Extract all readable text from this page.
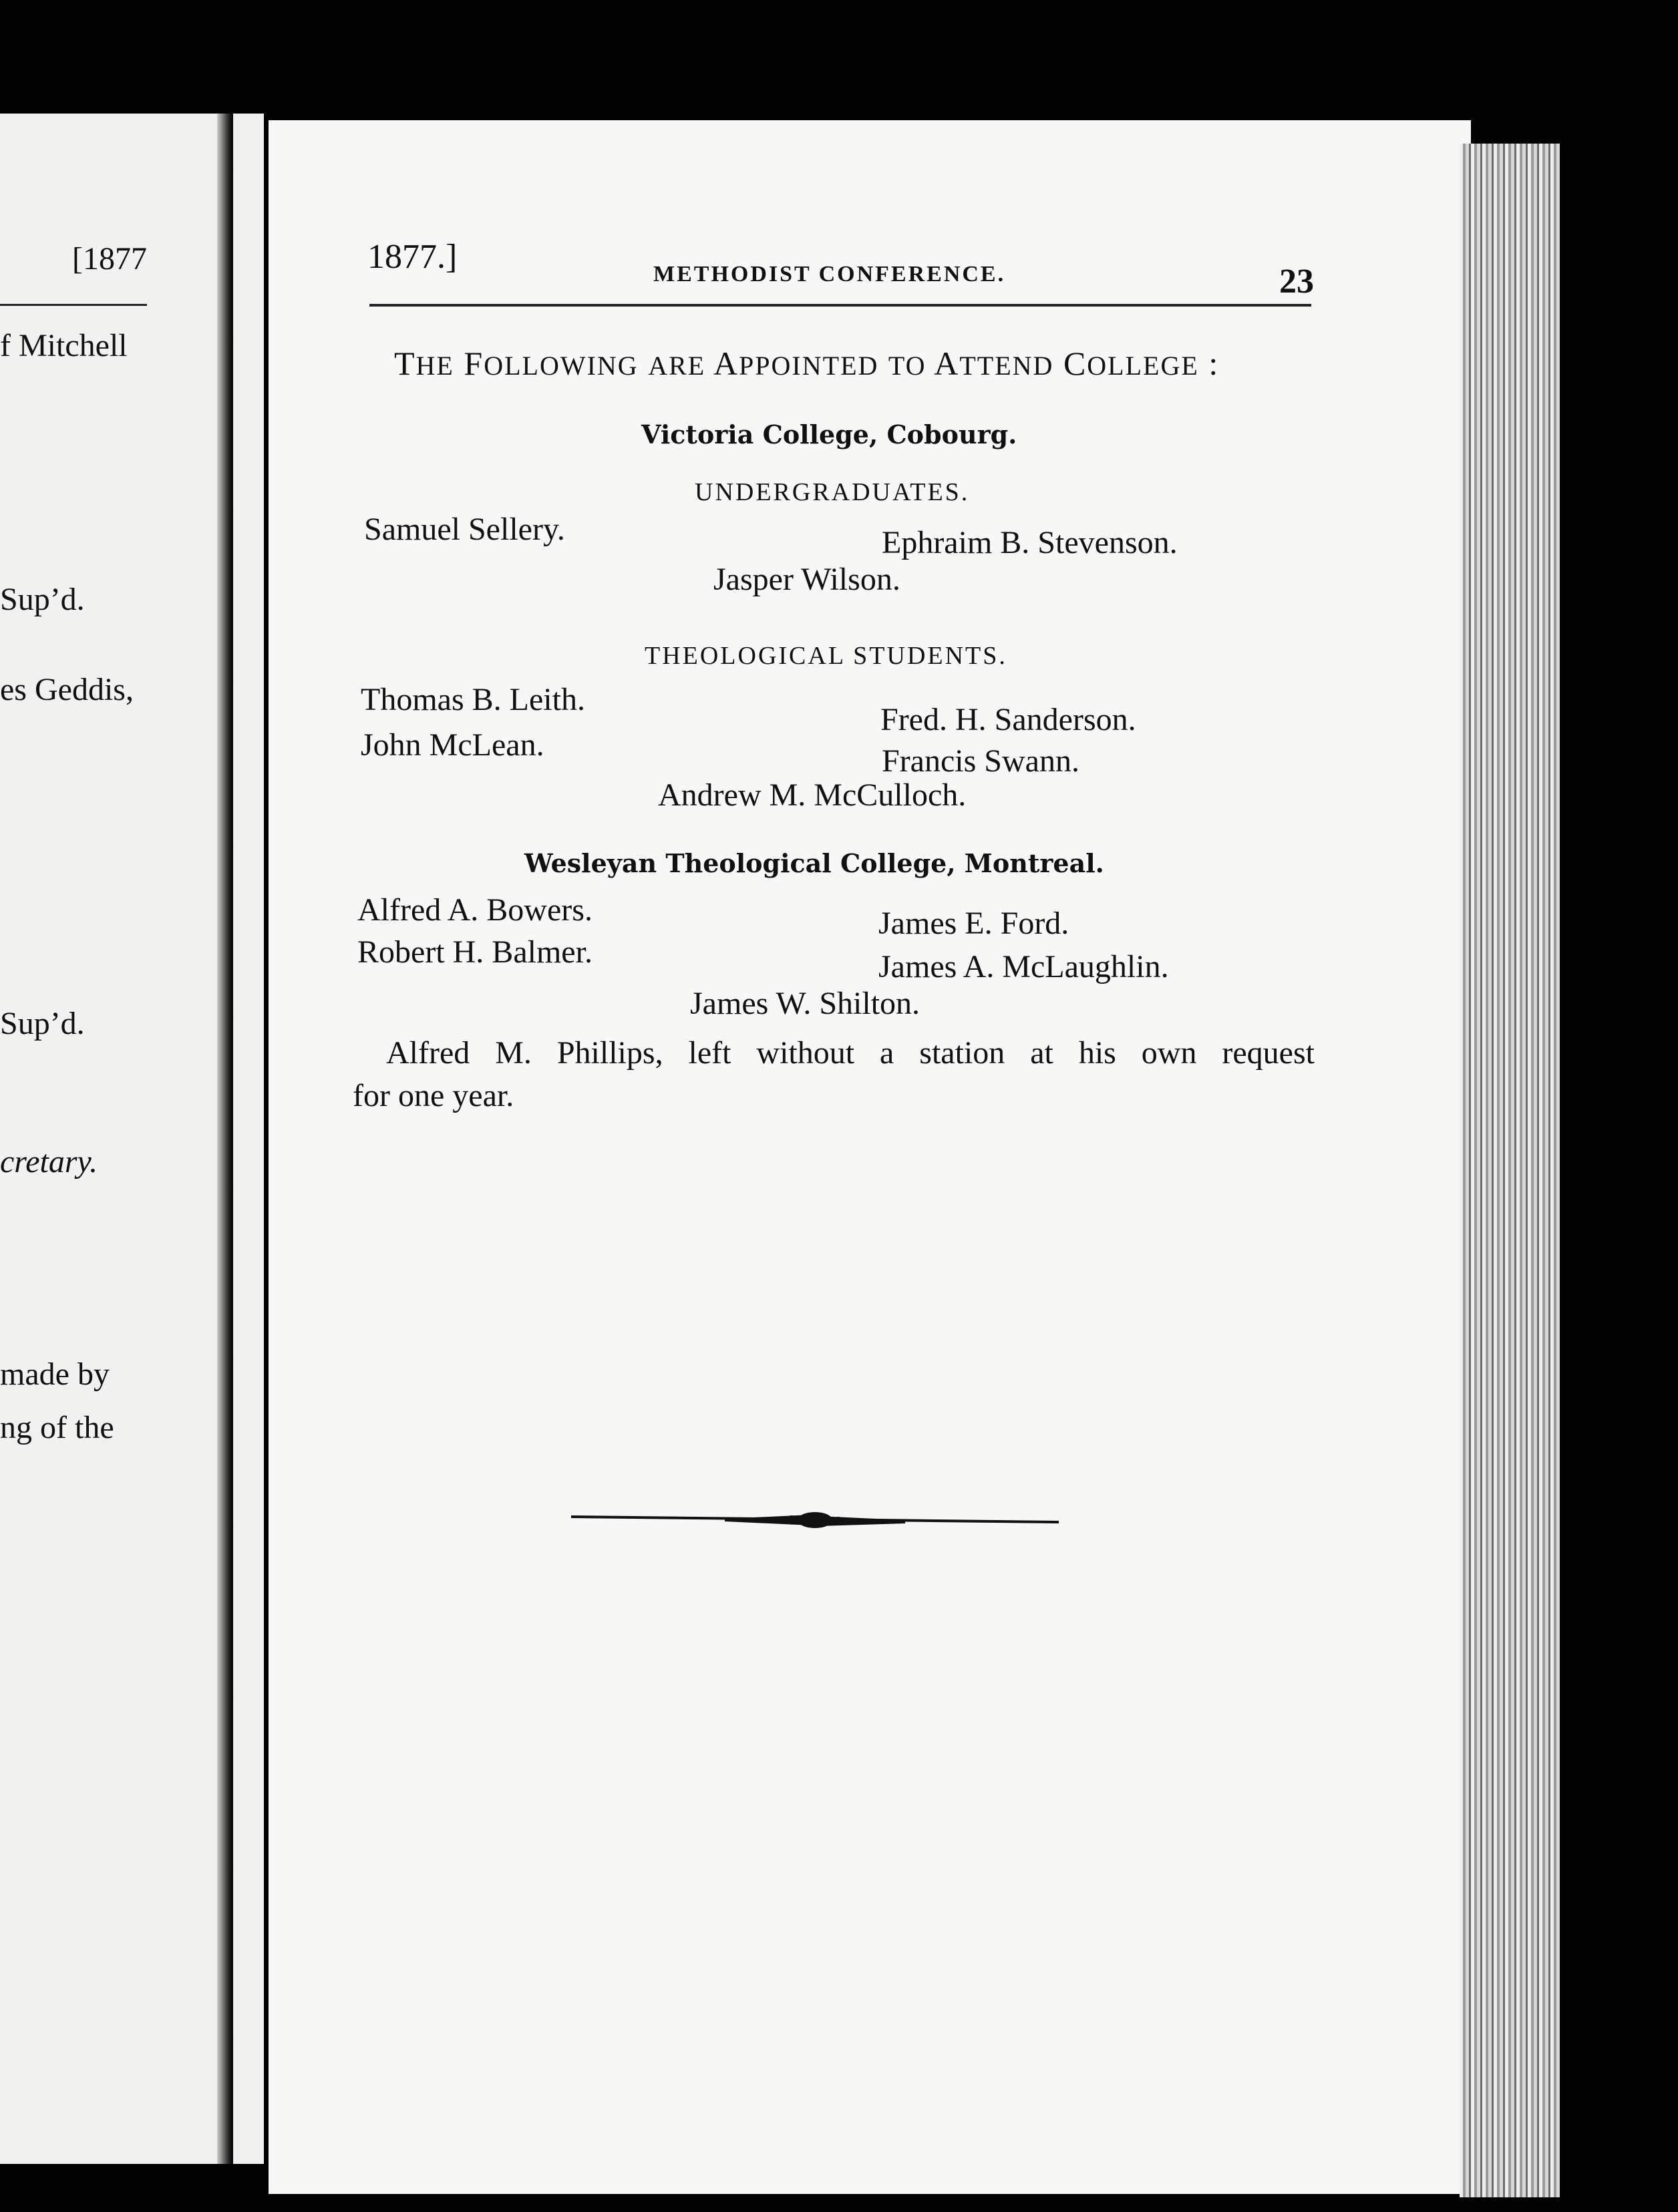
[1877
f Mitchell
Sup’d.
es Geddis,
Sup’d.
cretary.
made by
ng of the
1877.]	METHODIST CONFERENCE.	23
THE FOLLOWING ARE APPOINTED TO ATTEND COLLEGE :
Victoria College, Cobourg.
UNDERGRADUATES.
Samuel Sellery.	Ephraim B. Stevenson.
Jasper Wilson.
THEOLOGICAL STUDENTS.
Thomas B. Leith.
Fred. H. Sanderson.
John McLean.	Francis Swann.
Andrew M. McCulloch.
Wesleyan Theological College, Montreal.
Alfred A. Bowers.	James E. Ford.
Robert H. Balmer.	James A. McLaughlin.
James W. Shilton.
Alfred M. Phillips, left without a station at his own request
for one year.
